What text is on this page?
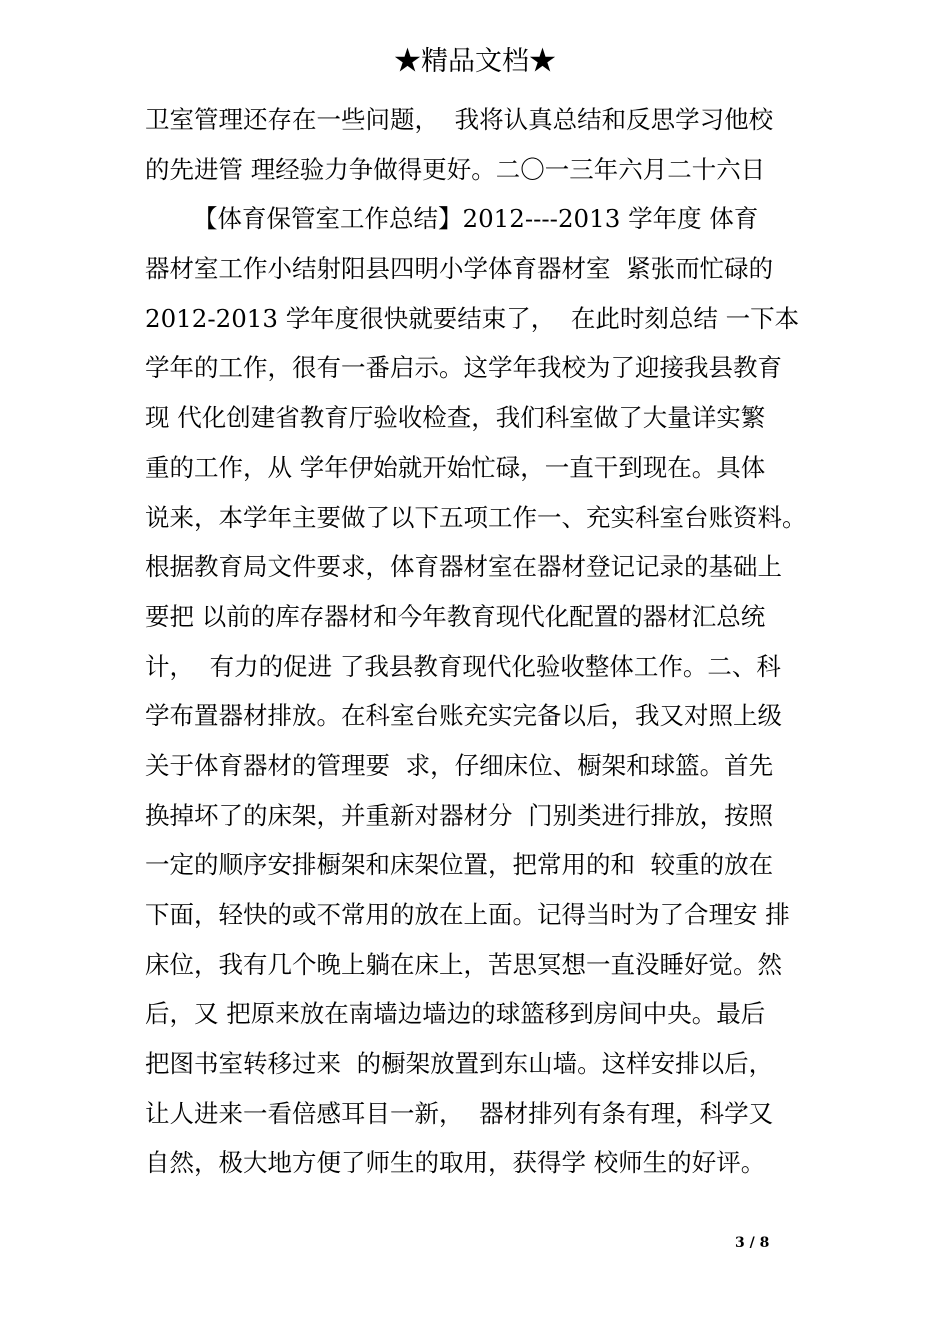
★精品文档★
卫室管理还存在一些问题，  我将认真总结和反思学习他校
的先进管 理经验力争做得更好。二〇一三年六月二十六日
【体育保管室工作总结】2012----2013 学年度 体育
器材室工作小结射阳县四明小学体育器材室  紧张而忙碌的
2012-2013 学年度很快就要结束了，  在此时刻总结 一下本
学年的工作，很有一番启示。这学年我校为了迎接我县教育
现 代化创建省教育厅验收检查，我们科室做了大量详实繁
重的工作，从 学年伊始就开始忙碌，一直干到现在。具体
说来，本学年主要做了以下五项工作一、充实科室台账资料。
根据教育局文件要求，体育器材室在器材登记记录的基础上
要把 以前的库存器材和今年教育现代化配置的器材汇总统
计，  有力的促进 了我县教育现代化验收整体工作。二、科
学布置器材排放。在科室台账充实完备以后，我又对照上级
关于体育器材的管理要  求，仔细床位、橱架和球篮。首先
换掉坏了的床架，并重新对器材分  门别类进行排放，按照
一定的顺序安排橱架和床架位置，把常用的和  较重的放在
下面，轻快的或不常用的放在上面。记得当时为了合理安 排
床位，我有几个晚上躺在床上，苦思冥想一直没睡好觉。然
后，又 把原来放在南墙边墙边的球篮移到房间中央。最后
把图书室转移过来  的橱架放置到东山墙。这样安排以后，
让人进来一看倍感耳目一新，  器材排列有条有理，科学又
自然，极大地方便了师生的取用，获得学 校师生的好评。
3 / 8
